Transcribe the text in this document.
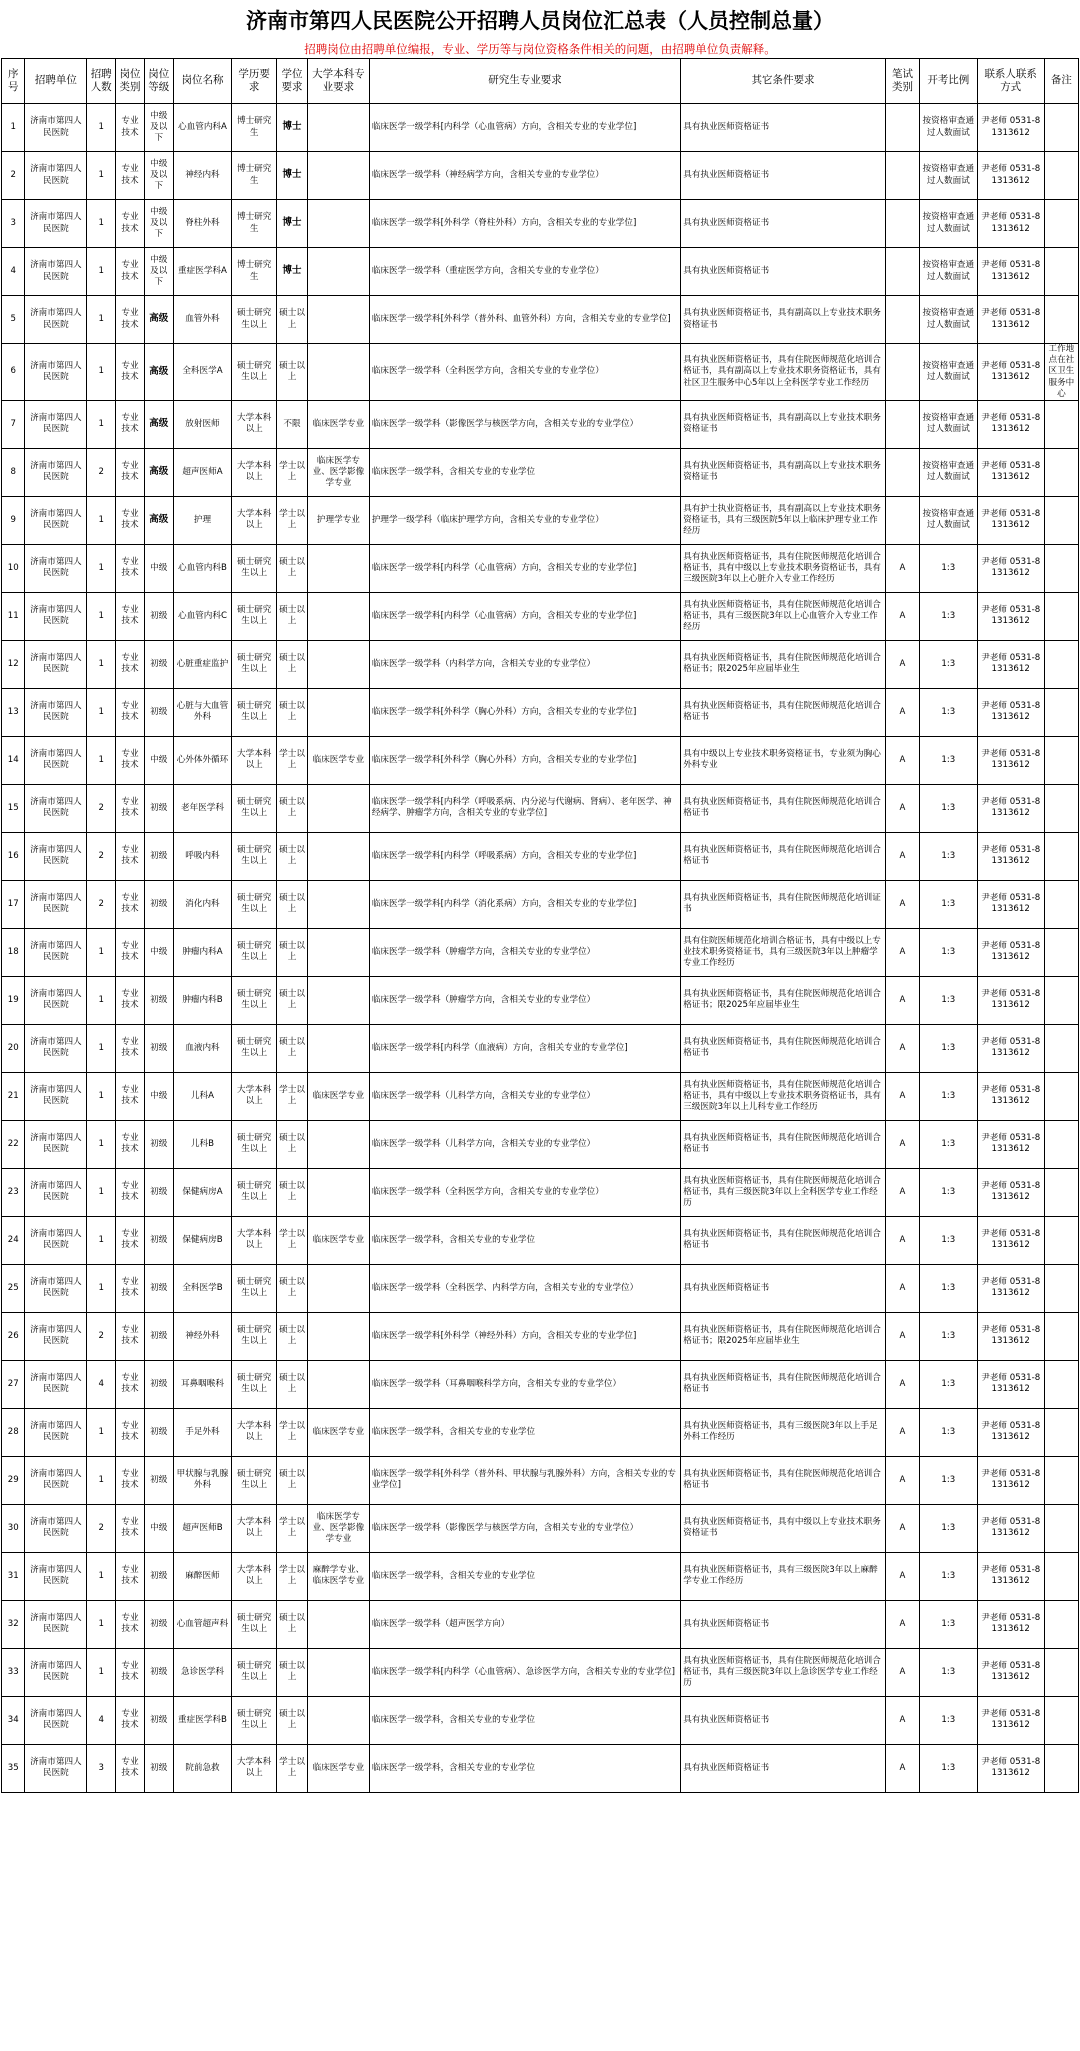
济南市第四人民医院公开招聘人员岗位汇总表（人员控制总量）
招聘岗位由招聘单位编报，专业、学历等与岗位资格条件相关的问题，由招聘单位负责解释。
序号	招聘单位	招聘人数	岗位类别	岗位等级	岗位名称	学历要求	学位要求	大学本科专业要求	研究生专业要求	其它条件要求	笔试类别	开考比例	联系人联系方式	备注
1	济南市第四人民医院	1	专业技术	中级及以下	心血管内科A	博士研究生	博士		临床医学一级学科[内科学（心血管病）方向，含相关专业的专业学位]	具有执业医师资格证书		按资格审查通过人数面试	尹老师 0531-81313612	
2	济南市第四人民医院	1	专业技术	中级及以下	神经内科	博士研究生	博士		临床医学一级学科（神经病学方向，含相关专业的专业学位）	具有执业医师资格证书		按资格审查通过人数面试	尹老师 0531-81313612	
3	济南市第四人民医院	1	专业技术	中级及以下	脊柱外科	博士研究生	博士		临床医学一级学科[外科学（脊柱外科）方向，含相关专业的专业学位]	具有执业医师资格证书		按资格审查通过人数面试	尹老师 0531-81313612	
4	济南市第四人民医院	1	专业技术	中级及以下	重症医学科A	博士研究生	博士		临床医学一级学科（重症医学方向，含相关专业的专业学位）	具有执业医师资格证书		按资格审查通过人数面试	尹老师 0531-81313612	
5	济南市第四人民医院	1	专业技术	高级	血管外科	硕士研究生以上	硕士以上		临床医学一级学科[外科学（普外科、血管外科）方向，含相关专业的专业学位]	具有执业医师资格证书，具有副高以上专业技术职务资格证书		按资格审查通过人数面试	尹老师 0531-81313612	
6	济南市第四人民医院	1	专业技术	高级	全科医学A	硕士研究生以上	硕士以上		临床医学一级学科（全科医学方向，含相关专业的专业学位）	具有执业医师资格证书，具有住院医师规范化培训合格证书，具有副高以上专业技术职务资格证书，具有社区卫生服务中心5年以上全科医学专业工作经历		按资格审查通过人数面试	尹老师 0531-81313612	工作地点在社区卫生服务中心
7	济南市第四人民医院	1	专业技术	高级	放射医师	大学本科以上	不限	临床医学专业	临床医学一级学科（影像医学与核医学方向，含相关专业的专业学位）	具有执业医师资格证书，具有副高以上专业技术职务资格证书		按资格审查通过人数面试	尹老师 0531-81313612	
8	济南市第四人民医院	2	专业技术	高级	超声医师A	大学本科以上	学士以上	临床医学专业、医学影像学专业	临床医学一级学科，含相关专业的专业学位	具有执业医师资格证书，具有副高以上专业技术职务资格证书		按资格审查通过人数面试	尹老师 0531-81313612	
9	济南市第四人民医院	1	专业技术	高级	护理	大学本科以上	学士以上	护理学专业	护理学一级学科（临床护理学方向，含相关专业的专业学位）	具有护士执业资格证书，具有副高以上专业技术职务资格证书，具有三级医院5年以上临床护理专业工作经历		按资格审查通过人数面试	尹老师 0531-81313612	
10	济南市第四人民医院	1	专业技术	中级	心血管内科B	硕士研究生以上	硕士以上		临床医学一级学科[内科学（心血管病）方向，含相关专业的专业学位]	具有执业医师资格证书，具有住院医师规范化培训合格证书，具有中级以上专业技术职务资格证书，具有三级医院3年以上心脏介入专业工作经历	A	1:3	尹老师 0531-81313612	
11	济南市第四人民医院	1	专业技术	初级	心血管内科C	硕士研究生以上	硕士以上		临床医学一级学科[内科学（心血管病）方向，含相关专业的专业学位]	具有执业医师资格证书，具有住院医师规范化培训合格证书，具有三级医院3年以上心血管介入专业工作经历	A	1:3	尹老师 0531-81313612	
12	济南市第四人民医院	1	专业技术	初级	心脏重症监护	硕士研究生以上	硕士以上		临床医学一级学科（内科学方向，含相关专业的专业学位）	具有执业医师资格证书，具有住院医师规范化培训合格证书；限2025年应届毕业生	A	1:3	尹老师 0531-81313612	
13	济南市第四人民医院	1	专业技术	初级	心脏与大血管外科	硕士研究生以上	硕士以上		临床医学一级学科[外科学（胸心外科）方向，含相关专业的专业学位]	具有执业医师资格证书，具有住院医师规范化培训合格证书	A	1:3	尹老师 0531-81313612	
14	济南市第四人民医院	1	专业技术	中级	心外体外循环	大学本科以上	学士以上	临床医学专业	临床医学一级学科[外科学（胸心外科）方向，含相关专业的专业学位]	具有中级以上专业技术职务资格证书，专业须为胸心外科专业	A	1:3	尹老师 0531-81313612	
15	济南市第四人民医院	2	专业技术	初级	老年医学科	硕士研究生以上	硕士以上		临床医学一级学科[内科学（呼吸系病、内分泌与代谢病、肾病）、老年医学、神经病学、肿瘤学方向，含相关专业的专业学位]	具有执业医师资格证书，具有住院医师规范化培训合格证书	A	1:3	尹老师 0531-81313612	
16	济南市第四人民医院	2	专业技术	初级	呼吸内科	硕士研究生以上	硕士以上		临床医学一级学科[内科学（呼吸系病）方向，含相关专业的专业学位]	具有执业医师资格证书，具有住院医师规范化培训合格证书	A	1:3	尹老师 0531-81313612	
17	济南市第四人民医院	2	专业技术	初级	消化内科	硕士研究生以上	硕士以上		临床医学一级学科[内科学（消化系病）方向，含相关专业的专业学位]	具有执业医师资格证书，具有住院医师规范化培训证书	A	1:3	尹老师 0531-81313612	
18	济南市第四人民医院	1	专业技术	中级	肿瘤内科A	硕士研究生以上	硕士以上		临床医学一级学科（肿瘤学方向，含相关专业的专业学位）	具有住院医师规范化培训合格证书，具有中级以上专业技术职务资格证书，具有三级医院3年以上肿瘤学专业工作经历	A	1:3	尹老师 0531-81313612	
19	济南市第四人民医院	1	专业技术	初级	肿瘤内科B	硕士研究生以上	硕士以上		临床医学一级学科（肿瘤学方向，含相关专业的专业学位）	具有执业医师资格证书，具有住院医师规范化培训合格证书；限2025年应届毕业生	A	1:3	尹老师 0531-81313612	
20	济南市第四人民医院	1	专业技术	初级	血液内科	硕士研究生以上	硕士以上		临床医学一级学科[内科学（血液病）方向，含相关专业的专业学位]	具有执业医师资格证书，具有住院医师规范化培训合格证书	A	1:3	尹老师 0531-81313612	
21	济南市第四人民医院	1	专业技术	中级	儿科A	大学本科以上	学士以上	临床医学专业	临床医学一级学科（儿科学方向，含相关专业的专业学位）	具有执业医师资格证书，具有住院医师规范化培训合格证书，具有中级以上专业技术职务资格证书，具有三级医院3年以上儿科专业工作经历	A	1:3	尹老师 0531-81313612	
22	济南市第四人民医院	1	专业技术	初级	儿科B	硕士研究生以上	硕士以上		临床医学一级学科（儿科学方向，含相关专业的专业学位）	具有执业医师资格证书，具有住院医师规范化培训合格证书	A	1:3	尹老师 0531-81313612	
23	济南市第四人民医院	1	专业技术	初级	保健病房A	硕士研究生以上	硕士以上		临床医学一级学科（全科医学方向，含相关专业的专业学位）	具有执业医师资格证书，具有住院医师规范化培训合格证书，具有三级医院3年以上全科医学专业工作经历	A	1:3	尹老师 0531-81313612	
24	济南市第四人民医院	1	专业技术	初级	保健病房B	大学本科以上	学士以上	临床医学专业	临床医学一级学科，含相关专业的专业学位	具有执业医师资格证书，具有住院医师规范化培训合格证书	A	1:3	尹老师 0531-81313612	
25	济南市第四人民医院	1	专业技术	初级	全科医学B	硕士研究生以上	硕士以上		临床医学一级学科（全科医学、内科学方向，含相关专业的专业学位）	具有执业医师资格证书	A	1:3	尹老师 0531-81313612	
26	济南市第四人民医院	2	专业技术	初级	神经外科	硕士研究生以上	硕士以上		临床医学一级学科[外科学（神经外科）方向，含相关专业的专业学位]	具有执业医师资格证书，具有住院医师规范化培训合格证书；限2025年应届毕业生	A	1:3	尹老师 0531-81313612	
27	济南市第四人民医院	4	专业技术	初级	耳鼻咽喉科	硕士研究生以上	硕士以上		临床医学一级学科（耳鼻咽喉科学方向，含相关专业的专业学位）	具有执业医师资格证书，具有住院医师规范化培训合格证书	A	1:3	尹老师 0531-81313612	
28	济南市第四人民医院	1	专业技术	初级	手足外科	大学本科以上	学士以上	临床医学专业	临床医学一级学科，含相关专业的专业学位	具有执业医师资格证书，具有三级医院3年以上手足外科工作经历	A	1:3	尹老师 0531-81313612	
29	济南市第四人民医院	1	专业技术	初级	甲状腺与乳腺外科	硕士研究生以上	硕士以上		临床医学一级学科[外科学（普外科、甲状腺与乳腺外科）方向，含相关专业的专业学位]	具有执业医师资格证书，具有住院医师规范化培训合格证书	A	1:3	尹老师 0531-81313612	
30	济南市第四人民医院	2	专业技术	中级	超声医师B	大学本科以上	学士以上	临床医学专业、医学影像学专业	临床医学一级学科（影像医学与核医学方向，含相关专业的专业学位）	具有执业医师资格证书，具有中级以上专业技术职务资格证书	A	1:3	尹老师 0531-81313612	
31	济南市第四人民医院	1	专业技术	初级	麻醉医师	大学本科以上	学士以上	麻醉学专业、临床医学专业	临床医学一级学科，含相关专业的专业学位	具有执业医师资格证书，具有三级医院3年以上麻醉学专业工作经历	A	1:3	尹老师 0531-81313612	
32	济南市第四人民医院	1	专业技术	初级	心血管超声科	硕士研究生以上	硕士以上		临床医学一级学科（超声医学方向）	具有执业医师资格证书	A	1:3	尹老师 0531-81313612	
33	济南市第四人民医院	1	专业技术	初级	急诊医学科	硕士研究生以上	硕士以上		临床医学一级学科[内科学（心血管病）、急诊医学方向，含相关专业的专业学位]	具有执业医师资格证书，具有住院医师规范化培训合格证书，具有三级医院3年以上急诊医学专业工作经历	A	1:3	尹老师 0531-81313612	
34	济南市第四人民医院	4	专业技术	初级	重症医学科B	硕士研究生以上	硕士以上		临床医学一级学科，含相关专业的专业学位	具有执业医师资格证书	A	1:3	尹老师 0531-81313612	
35	济南市第四人民医院	3	专业技术	初级	院前急救	大学本科以上	学士以上	临床医学专业	临床医学一级学科，含相关专业的专业学位	具有执业医师资格证书	A	1:3	尹老师 0531-81313612	
